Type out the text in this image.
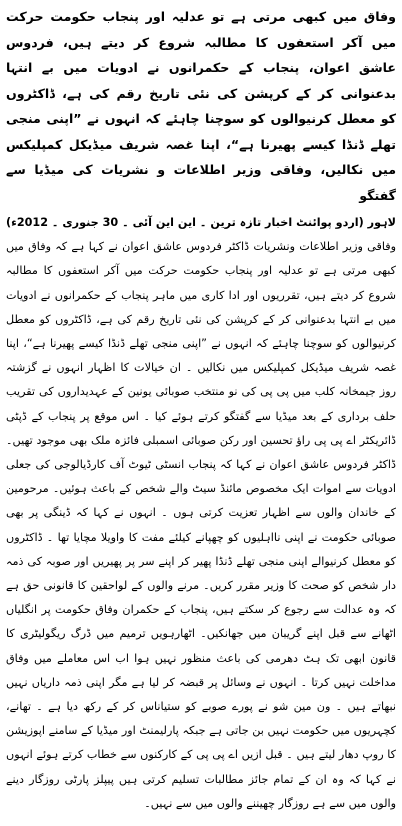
وفاق میں کبھی مرتی ہے تو عدلیہ اور پنجاب حکومت حرکت میں آکر استعفوں کا مطالبہ شروع کر دیتے ہیں، فردوس عاشق اعوان، پنجاب کے حکمرانوں نے ادویات میں بے انتہا بدعنوانی کر کے کرپشن کی نئی تاریخ رقم کی ہے، ڈاکٹروں کو معطل کرنیوالوں کو سوچنا چاہئے کہ انہوں نے ”اپنی منجی تھلے ڈنڈا کیسے پھیرنا ہے“، اپنا غصہ شریف میڈیکل کمپلیکس میں نکالیں، وفاقی وزیر اطلاعات و نشریات کی میڈیا سے گفتگو

لاہور (اردو پوائنٹ اخبار تازہ ترین ۔ این این آئی ۔ 30 جنوری ۔ 2012ء) وفاقی وزیر اطلاعات ونشریات ڈاکٹر فردوس عاشق اعوان نے کہا ہے کہ وفاق میں کبھی مرتی ہے تو عدلیہ اور پنجاب حکومت حرکت میں آکر استعفوں کا مطالبہ شروع کر دیتے ہیں، تقرریوں اور ادا کاری میں ماہر پنجاب کے حکمرانوں نے ادویات میں بے انتہا بدعنوانی کر کے کرپشن کی نئی تاریخ رقم کی ہے، ڈاکٹروں کو معطل کرنیوالوں کو سوچنا چاہئے کہ انہوں نے ”اپنی منجی تھلے ڈنڈا کیسے پھیرنا ہے“، اپنا غصہ شریف میڈیکل کمپلیکس میں نکالیں ۔ ان خیالات کا اظہار انہوں نے گزشتہ روز جیمخانہ کلب میں پی پی کی نو منتخب صوبائی یونین کے عہدیداروں کی تقریب حلف برداری کے بعد میڈیا سے گفتگو کرتے ہوئے کیا ۔ اس موقع پر پنجاب کے ڈپٹی ڈائریکٹر اے پی پی راؤ تحسین اور رکن صوبائی اسمبلی فائزہ ملک بھی موجود تھیں۔ ڈاکٹر فردوس عاشق اعوان نے کہا کہ پنجاب انسٹی ٹیوٹ آف کارڈیالوجی کی جعلی ادویات سے اموات ایک مخصوص مائنڈ سیٹ والے شخص کے باعث ہوئیں۔ مرحومین کے خاندان والوں سے اظہار تعزیت کرتی ہوں ۔ انہوں نے کہا کہ ڈینگی پر بھی صوبائی حکومت نے اپنی نااہلیوں کو چھپانے کیلئے مفت کا واویلا مچایا تھا ۔ ڈاکٹروں کو معطل کرنیوالے اپنی منجی تھلے ڈنڈا پھیر کر اپنے سر پر پھیریں اور صوبہ کی ذمہ دار شخص کو صحت کا وزیر مقرر کریں۔ مرنے والوں کے لواحقین کا قانونی حق ہے کہ وہ عدالت سے رجوع کر سکتے ہیں، پنجاب کے حکمران وفاق حکومت پر انگلیاں اٹھانے سے قبل اپنے گریبان میں جھانکیں۔ اٹھارہویں ترمیم میں ڈرگ ریگولیٹری کا قانون ابھی تک ہٹ دھرمی کی باعث منظور نہیں ہوا اب اس معاملے میں وفاق مداخلت نہیں کرتا ۔ انہوں نے وسائل پر قبضہ کر لیا ہے مگر اپنی ذمہ داریاں نہیں نبھاتے ہیں ۔ ون مین شو نے پورے صوبے کو ستیاناس کر کے رکھ دیا ہے ۔ تھانے، کچہریوں میں حکومت نہیں بن جاتی ہے جبکہ پارلیمنٹ اور میڈیا کے سامنے اپوزیشن کا روپ دھار لیتے ہیں ۔ قبل ازیں اے پی پی کے کارکنوں سے خطاب کرتے ہوئے انہوں نے کہا کہ وہ ان کے تمام جائز مطالبات تسلیم کرتی ہیں پیپلز پارٹی روزگار دینے والوں میں سے ہے روزگار چھیننے والوں میں سے نہیں۔
